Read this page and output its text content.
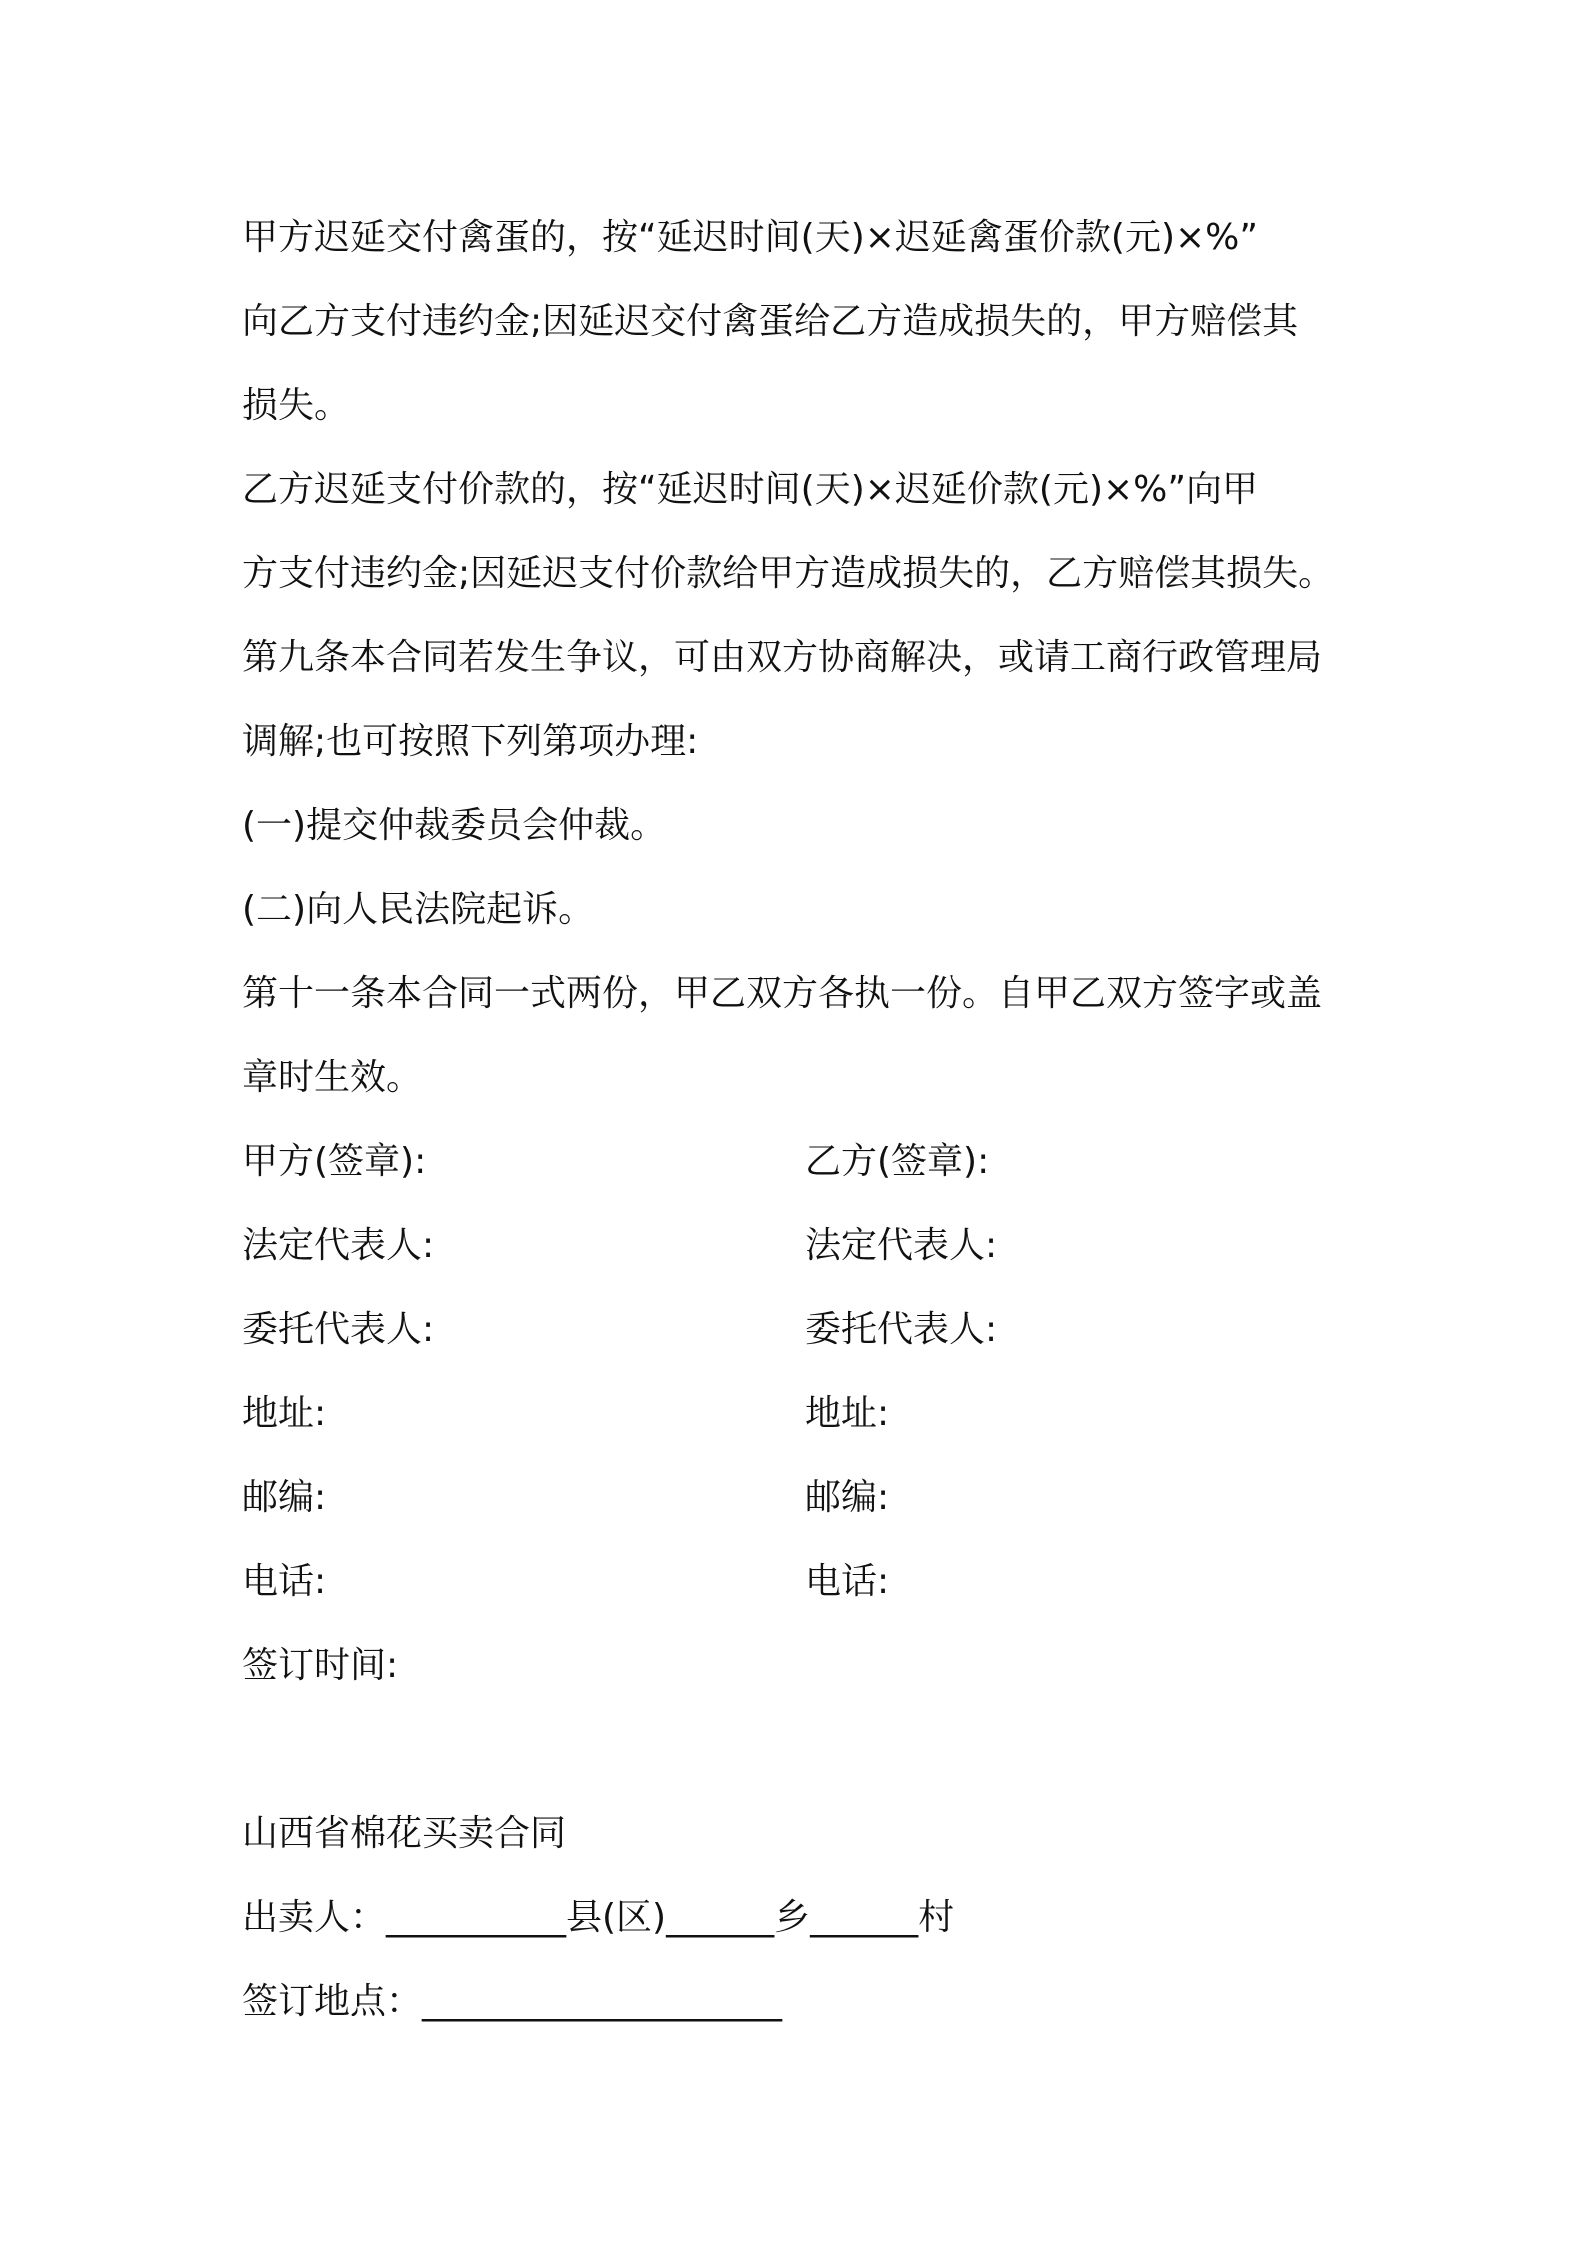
甲方迟延交付禽蛋的，按“延迟时间(天)×迟延禽蛋价款(元)×%”
向乙方支付违约金;因延迟交付禽蛋给乙方造成损失的，甲方赔偿其
损失。
乙方迟延支付价款的，按“延迟时间(天)×迟延价款(元)×%”向甲
方支付违约金;因延迟支付价款给甲方造成损失的，乙方赔偿其损失。
第九条本合同若发生争议，可由双方协商解决，或请工商行政管理局
调解;也可按照下列第项办理:
(一)提交仲裁委员会仲裁。
(二)向人民法院起诉。
第十一条本合同一式两份，甲乙双方各执一份。自甲乙双方签字或盖
章时生效。
甲方(签章):	乙方(签章):
法定代表人:	法定代表人:
委托代表人:	委托代表人:
地址:	地址:
邮编:	邮编:
电话:	电话:
签订时间:
山西省棉花买卖合同
出卖人：__________县(区)______乡______村
签订地点：____________________
